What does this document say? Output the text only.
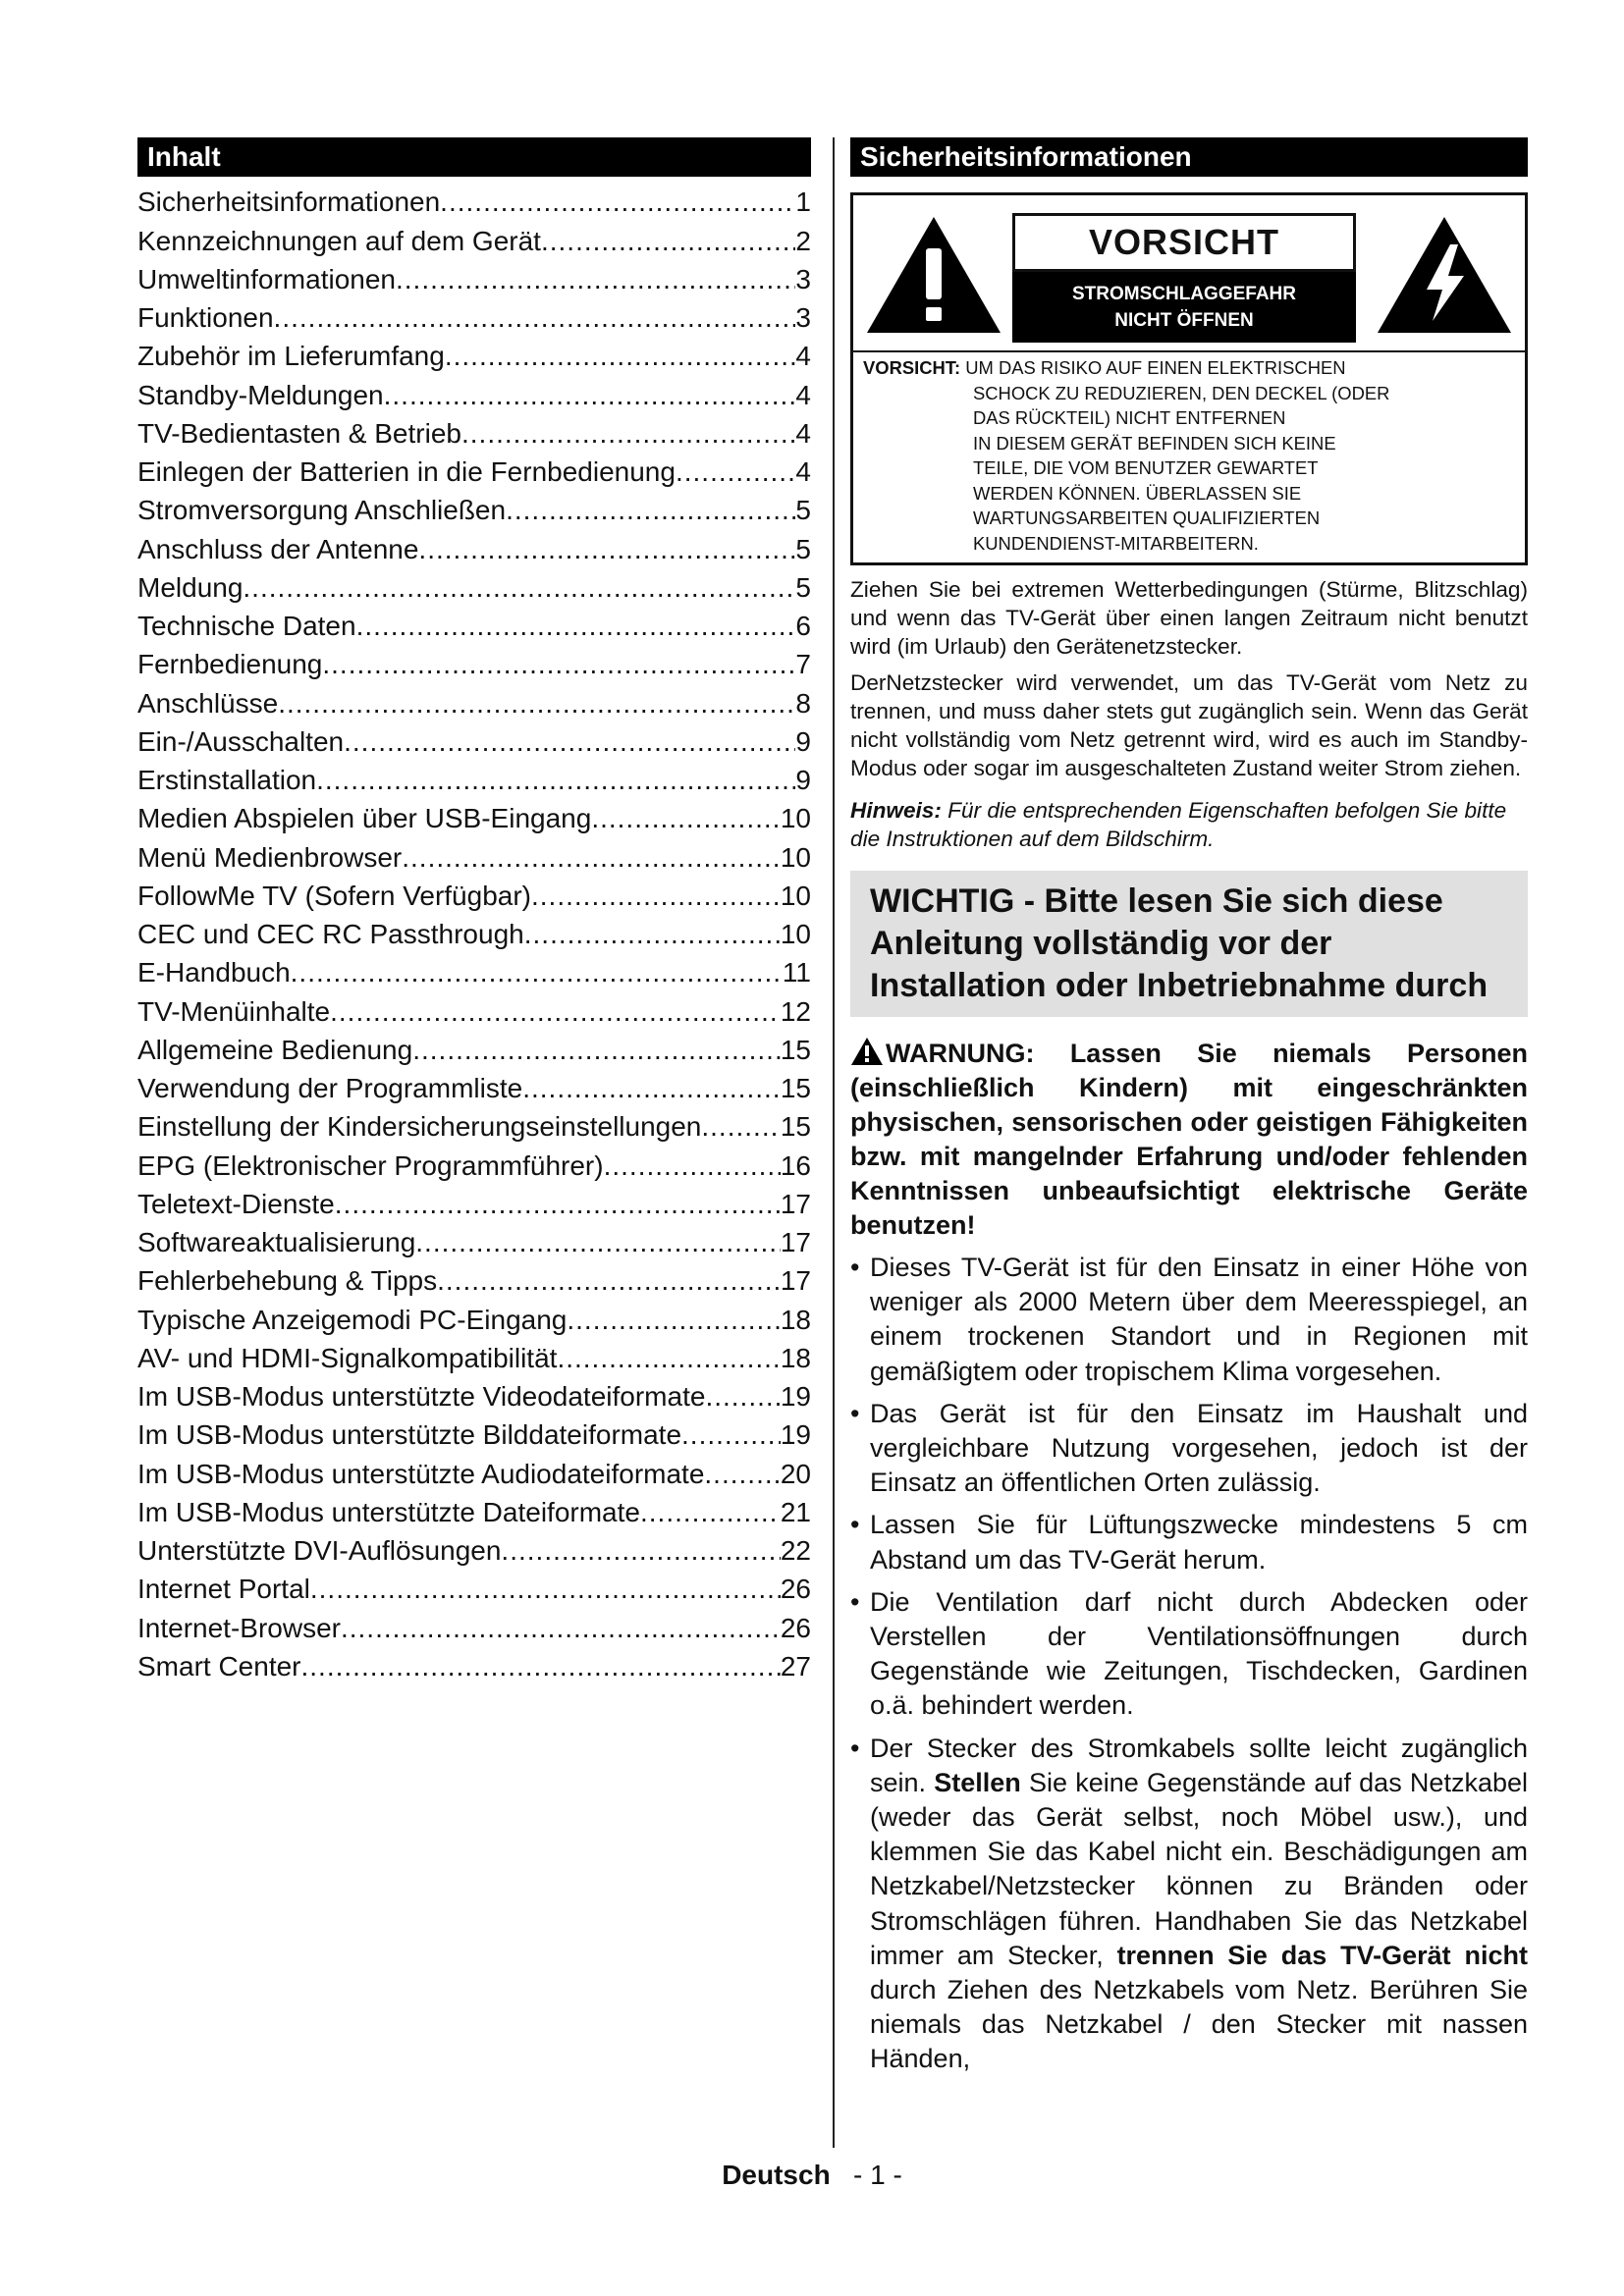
Inhalt
Sicherheitsinformationen .....	1
Kennzeichnungen auf dem Gerät .....	2
Umweltinformationen .....	3
Funktionen .....	3
Zubehör im Lieferumfang .....	4
Standby-Meldungen .....	4
TV-Bedientasten & Betrieb .....	4
Einlegen der Batterien in die Fernbedienung .....	4
Stromversorgung Anschließen .....	5
Anschluss der Antenne .....	5
Meldung .....	5
Technische Daten .....	6
Fernbedienung .....	7
Anschlüsse .....	8
Ein-/Ausschalten .....	9
Erstinstallation .....	9
Medien Abspielen über USB-Eingang .....	10
Menü Medienbrowser .....	10
FollowMe TV (Sofern Verfügbar) .....	10
CEC und CEC RC Passthrough .....	10
E-Handbuch .....	11
TV-Menüinhalte .....	12
Allgemeine Bedienung .....	15
Verwendung der Programmliste .....	15
Einstellung der Kindersicherungseinstellungen .....	15
EPG (Elektronischer Programmführer) .....	16
Teletext-Dienste .....	17
Softwareaktualisierung .....	17
Fehlerbehebung & Tipps .....	17
Typische Anzeigemodi PC-Eingang .....	18
AV- und HDMI-Signalkompatibilität .....	18
Im USB-Modus unterstützte Videodateiformate .....	19
Im USB-Modus unterstützte Bilddateiformate .....	19
Im USB-Modus unterstützte Audiodateiformate .....	20
Im USB-Modus unterstützte Dateiformate .....	21
Unterstützte DVI-Auflösungen .....	22
Internet Portal .....	26
Internet-Browser .....	26
Smart Center .....	27
Sicherheitsinformationen
VORSICHT
STROMSCHLAGGEFAHR
NICHT ÖFFNEN
VORSICHT: UM DAS RISIKO AUF EINEN ELEKTRISCHEN
SCHOCK ZU REDUZIEREN, DEN DECKEL (ODER
DAS RÜCKTEIL) NICHT ENTFERNEN
IN DIESEM GERÄT BEFINDEN SICH KEINE
TEILE, DIE VOM BENUTZER GEWARTET
WERDEN KÖNNEN. ÜBERLASSEN SIE
WARTUNGSARBEITEN QUALIFIZIERTEN
KUNDENDIENST-MITARBEITERN.
Ziehen Sie bei extremen Wetterbedingungen (Stürme, Blitzschlag) und wenn das TV-Gerät über einen langen Zeitraum nicht benutzt wird (im Urlaub) den Gerätenetzstecker.
DerNetzstecker wird verwendet, um das TV-Gerät vom Netz zu trennen, und muss daher stets gut zugänglich sein. Wenn das Gerät nicht vollständig vom Netz getrennt wird, wird es auch im Standby-Modus oder sogar im ausgeschalteten Zustand weiter Strom ziehen.
Hinweis: Für die entsprechenden Eigenschaften befolgen Sie bitte die Instruktionen auf dem Bildschirm.
WICHTIG - Bitte lesen Sie sich diese Anleitung vollständig vor der Installation oder Inbetriebnahme durch
WARNUNG: Lassen Sie niemals Personen (einschließlich Kindern) mit eingeschränkten physischen, sensorischen oder geistigen Fähigkeiten bzw. mit mangelnder Erfahrung und/oder fehlenden Kenntnissen unbeaufsichtigt elektrische Geräte benutzen!
• Dieses TV-Gerät ist für den Einsatz in einer Höhe von weniger als 2000 Metern über dem Meeresspiegel, an einem trockenen Standort und in Regionen mit gemäßigtem oder tropischem Klima vorgesehen.
• Das Gerät ist für den Einsatz im Haushalt und vergleichbare Nutzung vorgesehen, jedoch ist der Einsatz an öffentlichen Orten zulässig.
• Lassen Sie für Lüftungszwecke mindestens 5 cm Abstand um das TV-Gerät herum.
• Die Ventilation darf nicht durch Abdecken oder Verstellen der Ventilationsöffnungen durch Gegenstände wie Zeitungen, Tischdecken, Gardinen o.ä. behindert werden.
• Der Stecker des Stromkabels sollte leicht zugänglich sein. Stellen Sie keine Gegenstände auf das Netzkabel (weder das Gerät selbst, noch Möbel usw.), und klemmen Sie das Kabel nicht ein. Beschädigungen am Netzkabel/Netzstecker können zu Bränden oder Stromschlägen führen. Handhaben Sie das Netzkabel immer am Stecker, trennen Sie das TV-Gerät nicht durch Ziehen des Netzkabels vom Netz. Berühren Sie niemals das Netzkabel / den Stecker mit nassen Händen,
Deutsch - 1 -
